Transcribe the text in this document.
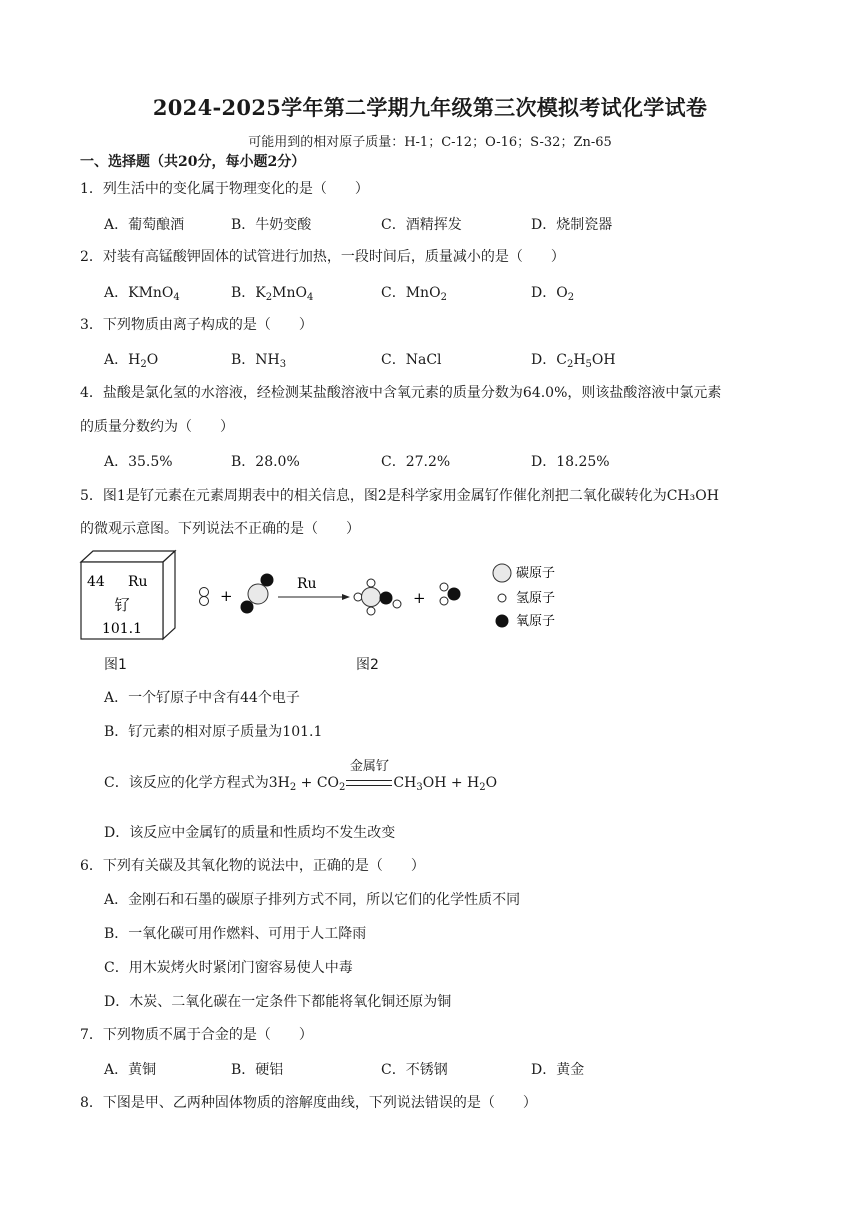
2024-2025学年第二学期九年级第三次模拟考试化学试卷
可能用到的相对原子质量：H-1；C-12；O-16；S-32；Zn-65
一、选择题（共20分，每小题2分）
1．列生活中的变化属于物理变化的是（　　）
A．葡萄酿酒	B．牛奶变酸	C．酒精挥发	D．烧制瓷器
2．对装有高锰酸钾固体的试管进行加热，一段时间后，质量减小的是（　　）
A．KMnO$_4$	B．$K_2MnO_4$	C．MnO$_2$	D．$O_2$
3．下列物质由离子构成的是（　　）
A．$H_2O$	B．$NH_3$	C．NaCl	D．$C_2H_5OH$
4．盐酸是氯化氢的水溶液，经检测某盐酸溶液中含氧元素的质量分数为64.0%，则该盐酸溶液中氯元素
的质量分数约为（　　）
A．35.5%	B．28.0%	C．27.2%	D．18.25%
5．图1是钌元素在元素周期表中的相关信息，图2是科学家用金属钌作催化剂把二氧化碳转化为CH₃OH
的微观示意图。下列说法不正确的是（　　）
44 Ru
钌
101.1
图1
+
Ru
+
碳原子
氢原子
氧原子
图2
A．一个钌原子中含有44个电子
B．钌元素的相对原子质量为101.1
C．该反应的化学方程式为$3H_2 + CO_2$
金属钌
$CH_3OH + H_2O$
D．该反应中金属钌的质量和性质均不发生改变
6．下列有关碳及其氧化物的说法中，正确的是（　　）
A．金刚石和石墨的碳原子排列方式不同，所以它们的化学性质不同
B．一氧化碳可用作燃料、可用于人工降雨
C．用木炭烤火时紧闭门窗容易使人中毒
D．木炭、二氧化碳在一定条件下都能将氧化铜还原为铜
7．下列物质不属于合金的是（　　）
A．黄铜	B．硬铝	C．不锈钢	D．黄金
8．下图是甲、乙两种固体物质的溶解度曲线，下列说法错误的是（　　）
